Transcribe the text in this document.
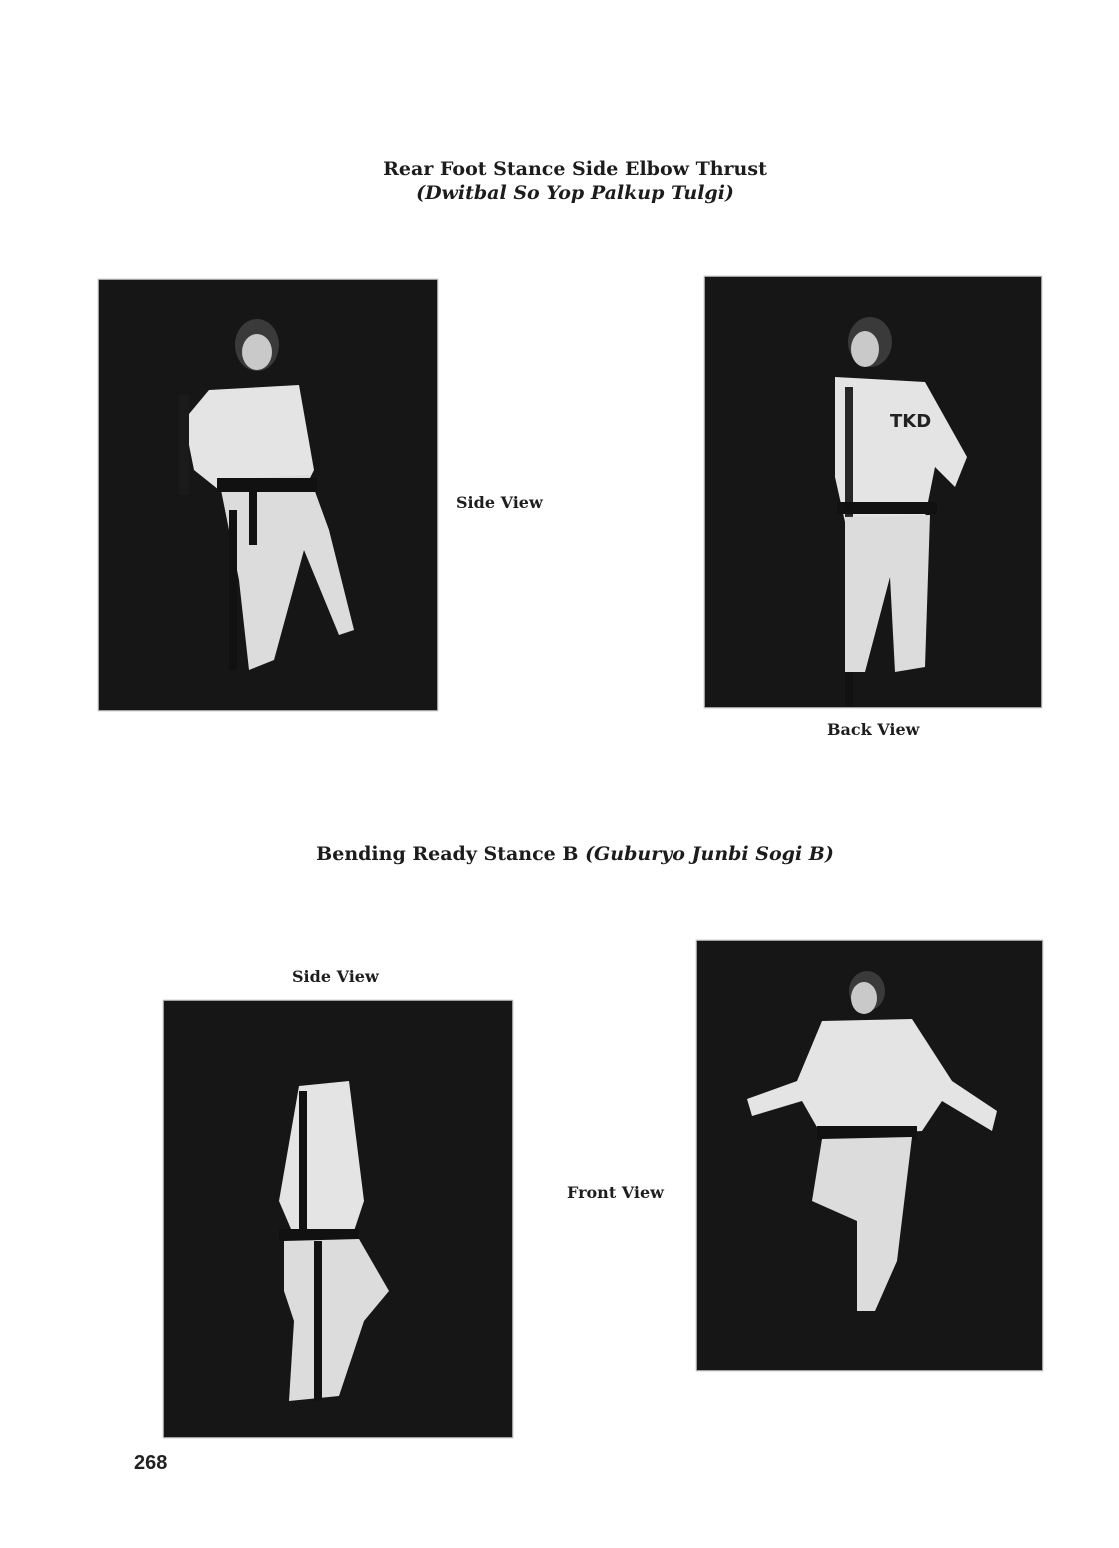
Rear Foot Stance Side Elbow Thrust
(Dwitbal So Yop Palkup Tulgi)
Side View
TKD
Back View
Bending Ready Stance B (Guburyo Junbi Sogi B)
Side View
Front View
268
